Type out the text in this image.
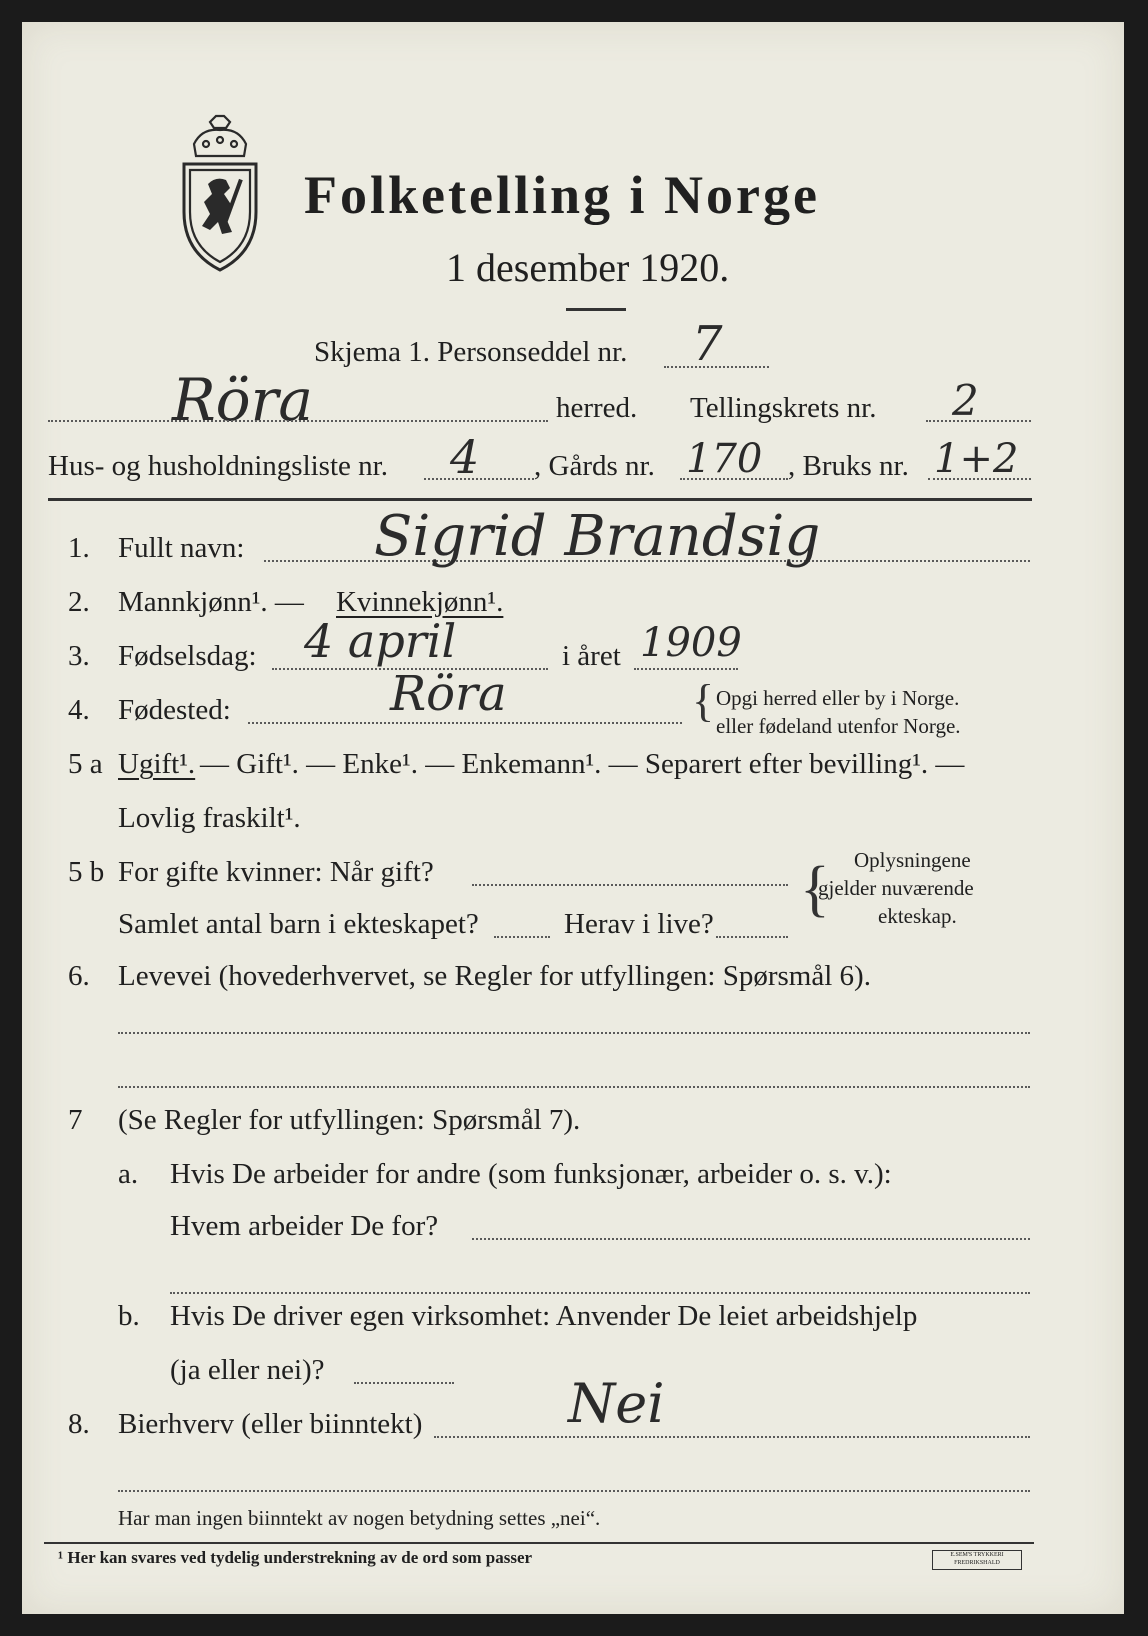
Folketelling i Norge
1 desember 1920.
Skjema 1. Personseddel nr. 7
Röra	herred. Tellingskrets nr. 2
Hus- og husholdningsliste nr. 4 , Gårds nr. 170 , Bruks nr. 1+2
1. Fullt navn: Sigrid Brandsig
2. Mannkjønn¹. — Kvinnekjønn¹.
3. Fødselsdag: 4 april	i året 1909
4. Fødested:	Röra	{ Opgi herred eller by i Norge.
eller fødeland utenfor Norge.
5 a Ugift¹. — Gift¹. — Enke¹. — Enkemann¹. — Separert efter bevilling¹. —
Lovlig fraskilt¹.
5 b For gifte kvinner: Når gift?
Samlet antal barn i ekteskapet?	Herav i live?
{ Oplysningene
gjelder nuværende
ekteskap.
6. Levevei (hovederhvervet, se Regler for utfyllingen: Spørsmål 6).
7 (Se Regler for utfyllingen: Spørsmål 7).
a. Hvis De arbeider for andre (som funksjonær, arbeider o. s. v.):
Hvem arbeider De for?
b. Hvis De driver egen virksomhet: Anvender De leiet arbeidshjelp
(ja eller nei)?
8. Bierhverv (eller biinntekt)	Nei
Har man ingen biinntekt av nogen betydning settes „nei“.
¹ Her kan svares ved tydelig understrekning av de ord som passer	E.SEM'S TRYKKERI FREDRIKSHALD
